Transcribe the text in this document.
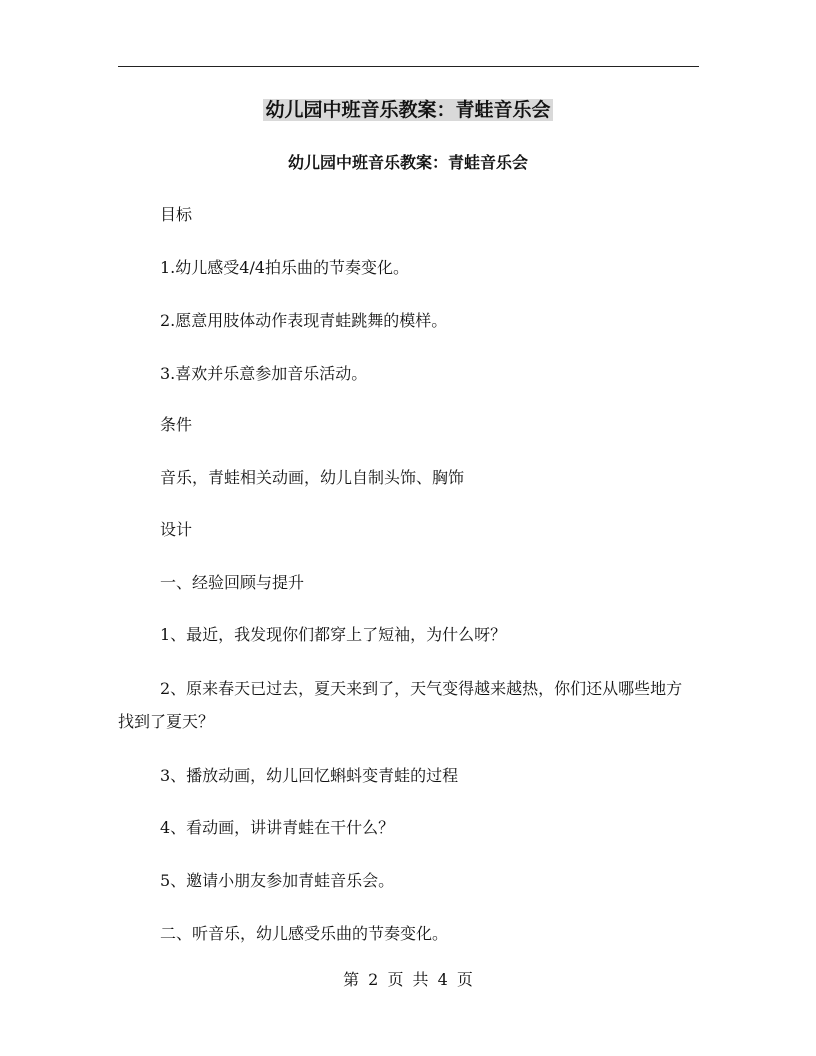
幼儿园中班音乐教案：青蛙音乐会
幼儿园中班音乐教案：青蛙音乐会
目标
1.幼儿感受4/4拍乐曲的节奏变化。
2.愿意用肢体动作表现青蛙跳舞的模样。
3.喜欢并乐意参加音乐活动。
条件
音乐，青蛙相关动画，幼儿自制头饰、胸饰
设计
一、经验回顾与提升
1、最近，我发现你们都穿上了短袖，为什么呀？
2、原来春天已过去，夏天来到了，天气变得越来越热，你们还从哪些地方找到了夏天？
3、播放动画，幼儿回忆蝌蚪变青蛙的过程
4、看动画，讲讲青蛙在干什么？
5、邀请小朋友参加青蛙音乐会。
二、听音乐，幼儿感受乐曲的节奏变化。
第 2 页 共 4 页
